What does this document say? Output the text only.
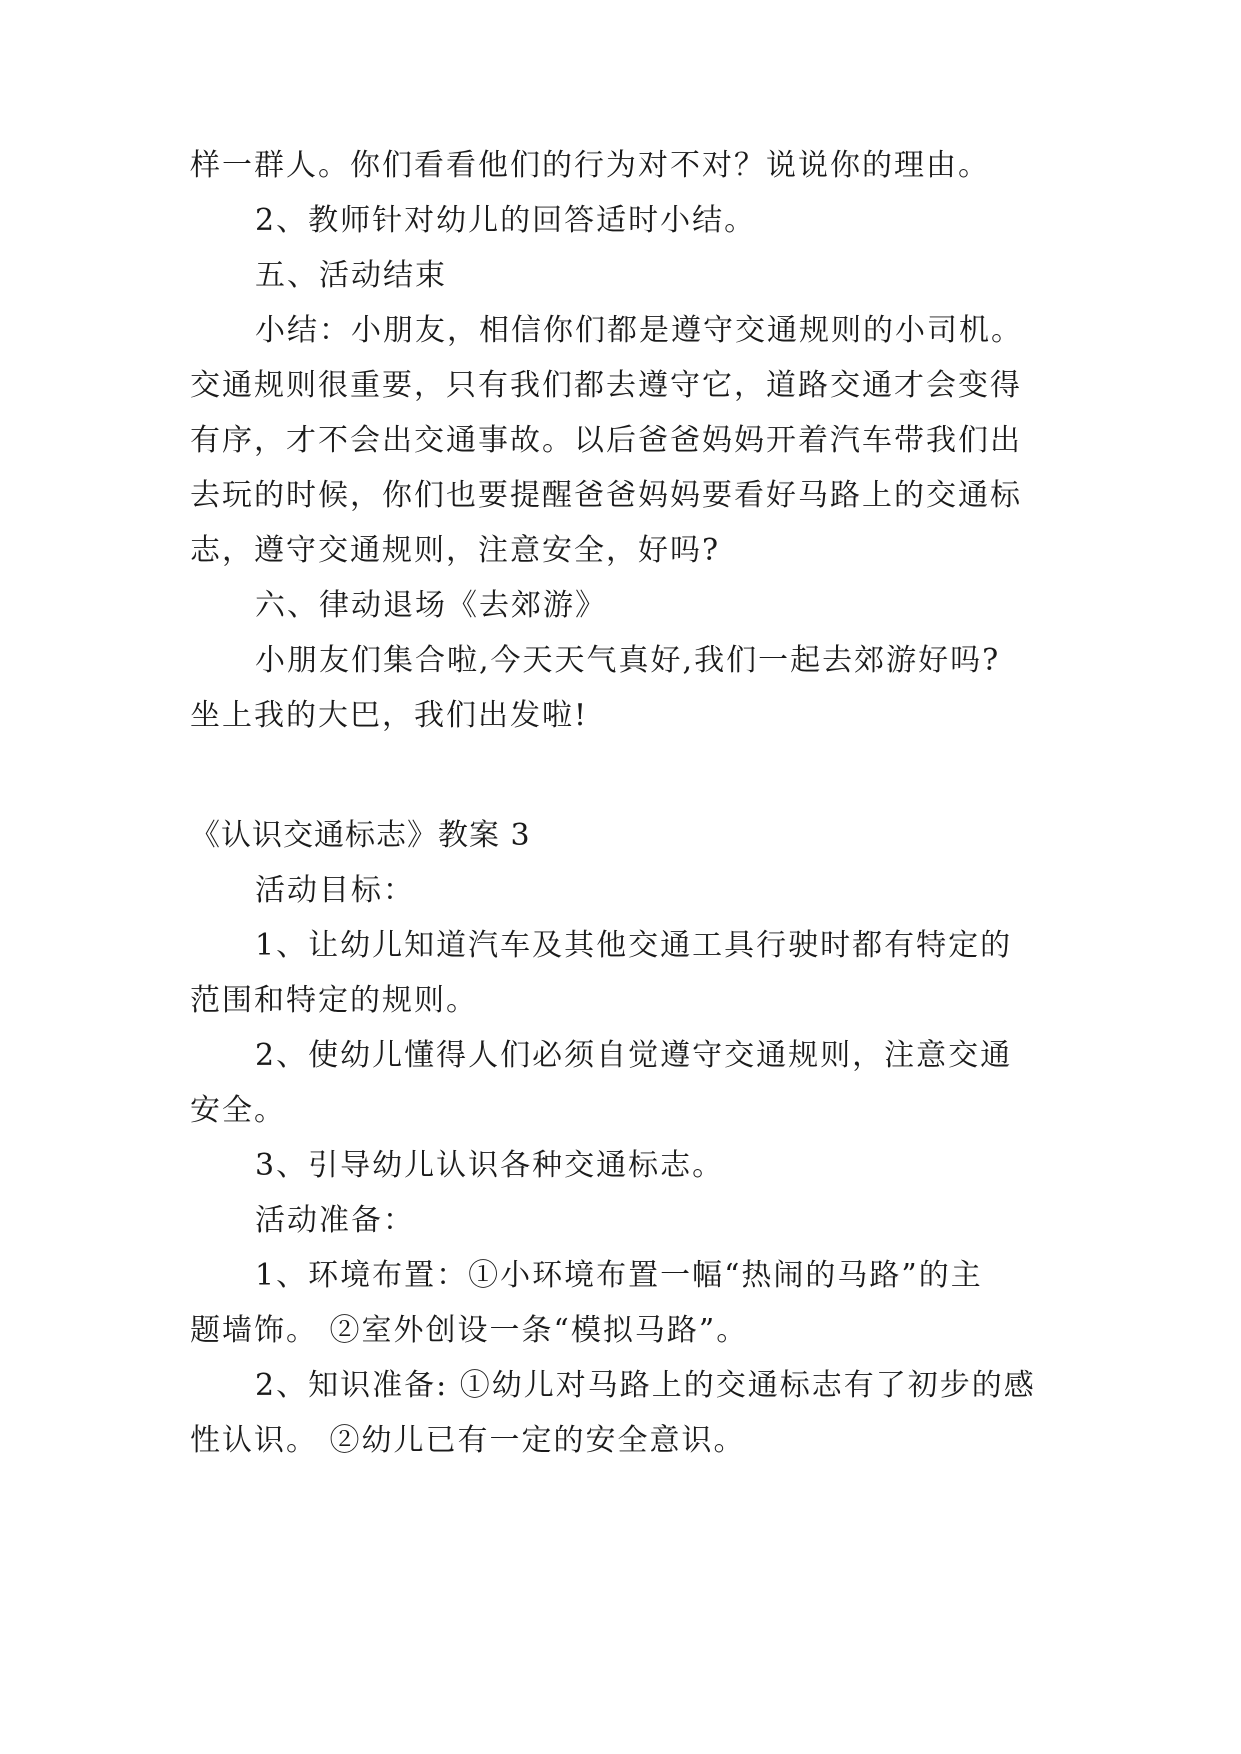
样一群人。你们看看他们的行为对不对？说说你的理由。
2、教师针对幼儿的回答适时小结。
五、活动结束
小结：小朋友，相信你们都是遵守交通规则的小司机。
交通规则很重要，只有我们都去遵守它，道路交通才会变得
有序，才不会出交通事故。以后爸爸妈妈开着汽车带我们出
去玩的时候，你们也要提醒爸爸妈妈要看好马路上的交通标
志，遵守交通规则，注意安全，好吗?
六、律动退场《去郊游》
小朋友们集合啦,今天天气真好,我们一起去郊游好吗?
坐上我的大巴，我们出发啦!
《认识交通标志》教案 3
活动目标：
1、让幼儿知道汽车及其他交通工具行驶时都有特定的
范围和特定的规则。
2、使幼儿懂得人们必须自觉遵守交通规则，注意交通
安全。
3、引导幼儿认识各种交通标志。
活动准备：
1、环境布置：①小环境布置一幅“热闹的马路”的主
题墙饰。 ②室外创设一条“模拟马路”。
2、知识准备: ①幼儿对马路上的交通标志有了初步的感
性认识。 ②幼儿已有一定的安全意识。
